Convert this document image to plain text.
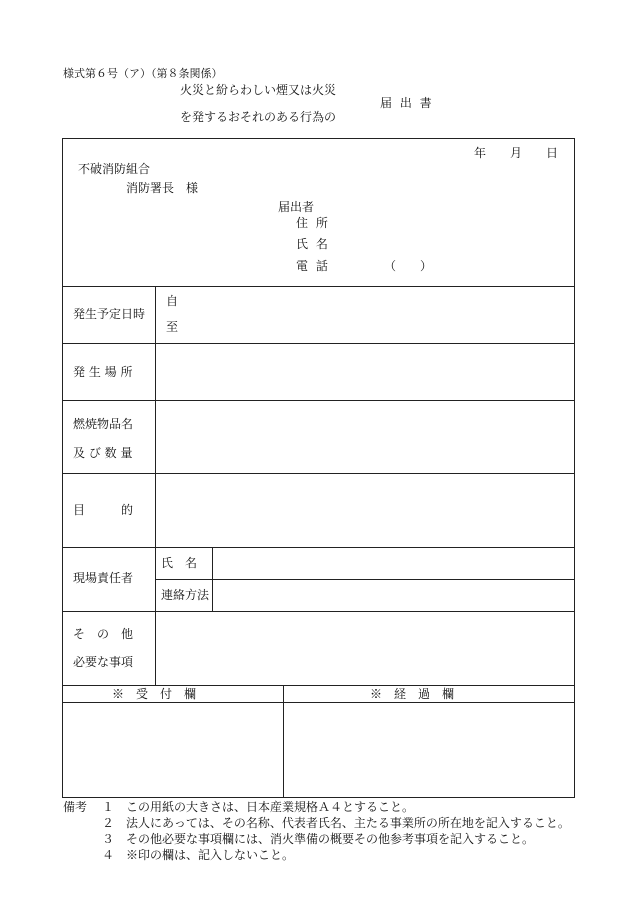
様式第６号（ア）（第８条関係）
火災と紛らわしい煙又は火災
を発するおそれのある行為の
届 出 書
年　　月　　日
不破消防組合
消防署長　様
届出者
住 所
氏 名
電 話	（　　）
発生予定日時
自
至
発 生 場 所
燃焼物品名
及 び 数 量
目　　　的
現場責任者
氏　名
連絡方法
そ　の　他
必要な事項
※　受　付　欄	※　経　過　欄
備考 １　この用紙の大きさは、日本産業規格Ａ４とすること。
２　法人にあっては、その名称、代表者氏名、主たる事業所の所在地を記入すること。
３　その他必要な事項欄には、消火準備の概要その他参考事項を記入すること。
４　※印の欄は、記入しないこと。
